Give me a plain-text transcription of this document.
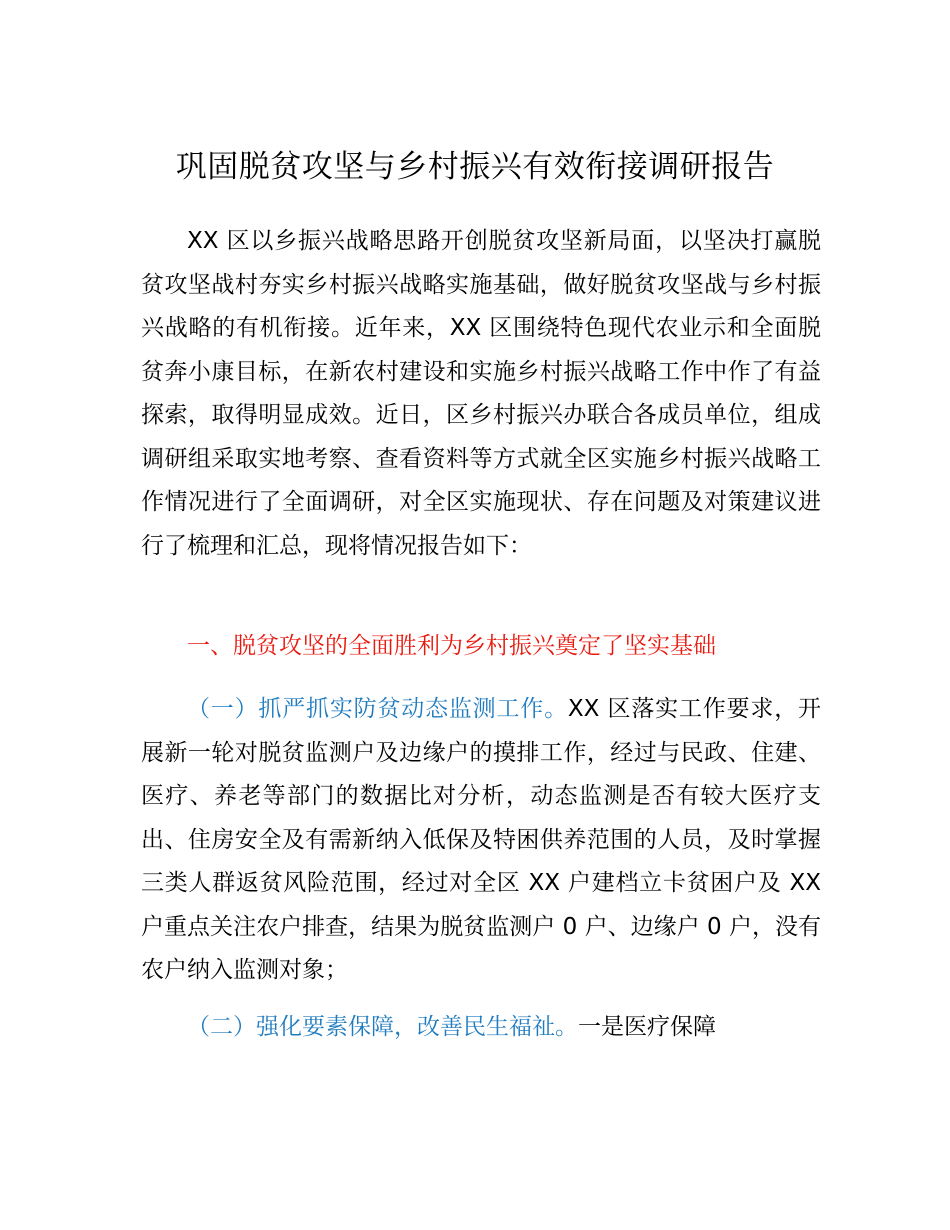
巩固脱贫攻坚与乡村振兴有效衔接调研报告

XX 区以乡振兴战略思路开创脱贫攻坚新局面，以坚决打赢脱贫攻坚战村夯实乡村振兴战略实施基础，做好脱贫攻坚战与乡村振兴战略的有机衔接。近年来，XX 区围绕特色现代农业示和全面脱贫奔小康目标，在新农村建设和实施乡村振兴战略工作中作了有益探索，取得明显成效。近日，区乡村振兴办联合各成员单位，组成调研组采取实地考察、查看资料等方式就全区实施乡村振兴战略工作情况进行了全面调研，对全区实施现状、存在问题及对策建议进行了梳理和汇总，现将情况报告如下：

一、脱贫攻坚的全面胜利为乡村振兴奠定了坚实基础

（一）抓严抓实防贫动态监测工作。XX 区落实工作要求，开展新一轮对脱贫监测户及边缘户的摸排工作，经过与民政、住建、医疗、养老等部门的数据比对分析，动态监测是否有较大医疗支出、住房安全及有需新纳入低保及特困供养范围的人员，及时掌握三类人群返贫风险范围，经过对全区 XX 户建档立卡贫困户及 XX 户重点关注农户排查，结果为脱贫监测户 0 户、边缘户 0 户，没有农户纳入监测对象；

（二）强化要素保障，改善民生福祉。一是医疗保障
